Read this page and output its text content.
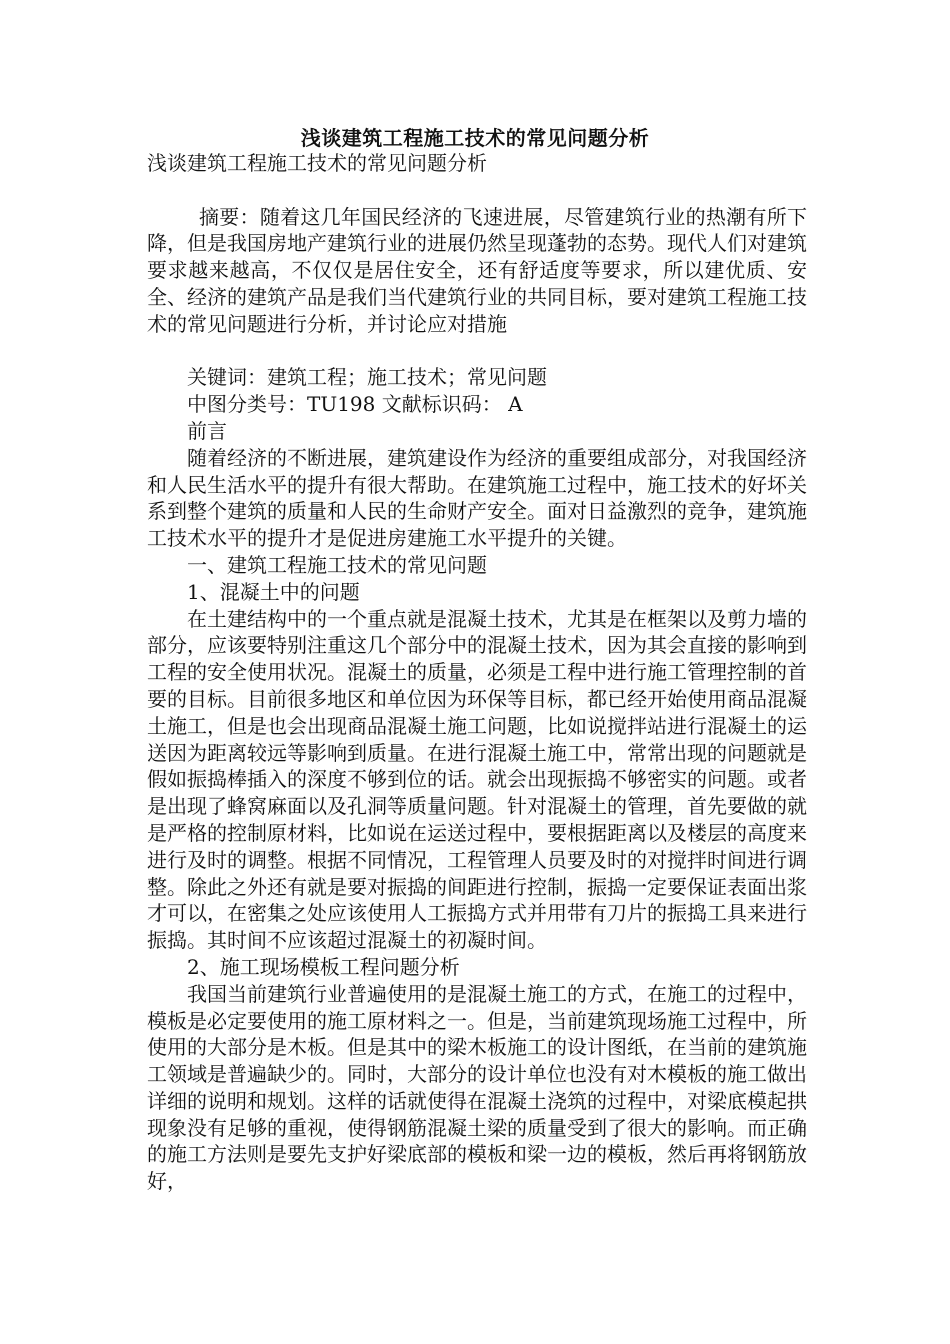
浅谈建筑工程施工技术的常见问题分析

浅谈建筑工程施工技术的常见问题分析

摘要：随着这几年国民经济的飞速进展，尽管建筑行业的热潮有所下降，但是我国房地产建筑行业的进展仍然呈现蓬勃的态势。现代人们对建筑要求越来越高，不仅仅是居住安全，还有舒适度等要求，所以建优质、安全、经济的建筑产品是我们当代建筑行业的共同目标，要对建筑工程施工技术的常见问题进行分析，并讨论应对措施

关键词：建筑工程；施工技术；常见问题

中图分类号：TU198 文献标识码： A

前言

随着经济的不断进展，建筑建设作为经济的重要组成部分，对我国经济和人民生活水平的提升有很大帮助。在建筑施工过程中，施工技术的好坏关系到整个建筑的质量和人民的生命财产安全。面对日益激烈的竞争，建筑施工技术水平的提升才是促进房建施工水平提升的关键。

一、建筑工程施工技术的常见问题

1、混凝土中的问题

在土建结构中的一个重点就是混凝土技术，尤其是在框架以及剪力墙的部分，应该要特别注重这几个部分中的混凝土技术，因为其会直接的影响到工程的安全使用状况。混凝土的质量，必须是工程中进行施工管理控制的首要的目标。目前很多地区和单位因为环保等目标，都已经开始使用商品混凝土施工，但是也会出现商品混凝土施工问题，比如说搅拌站进行混凝土的运送因为距离较远等影响到质量。在进行混凝土施工中，常常出现的问题就是假如振捣棒插入的深度不够到位的话。就会出现振捣不够密实的问题。或者是出现了蜂窝麻面以及孔洞等质量问题。针对混凝土的管理，首先要做的就是严格的控制原材料，比如说在运送过程中，要根据距离以及楼层的高度来进行及时的调整。根据不同情况，工程管理人员要及时的对搅拌时间进行调整。除此之外还有就是要对振捣的间距进行控制，振捣一定要保证表面出浆才可以，在密集之处应该使用人工振捣方式并用带有刀片的振捣工具来进行振捣。其时间不应该超过混凝土的初凝时间。

2、施工现场模板工程问题分析

我国当前建筑行业普遍使用的是混凝土施工的方式，在施工的过程中，模板是必定要使用的施工原材料之一。但是，当前建筑现场施工过程中，所使用的大部分是木板。但是其中的梁木板施工的设计图纸，在当前的建筑施工领域是普遍缺少的。同时，大部分的设计单位也没有对木模板的施工做出详细的说明和规划。这样的话就使得在混凝土浇筑的过程中，对梁底模起拱现象没有足够的重视，使得钢筋混凝土梁的质量受到了很大的影响。而正确的施工方法则是要先支护好梁底部的模板和梁一边的模板，然后再将钢筋放好，
